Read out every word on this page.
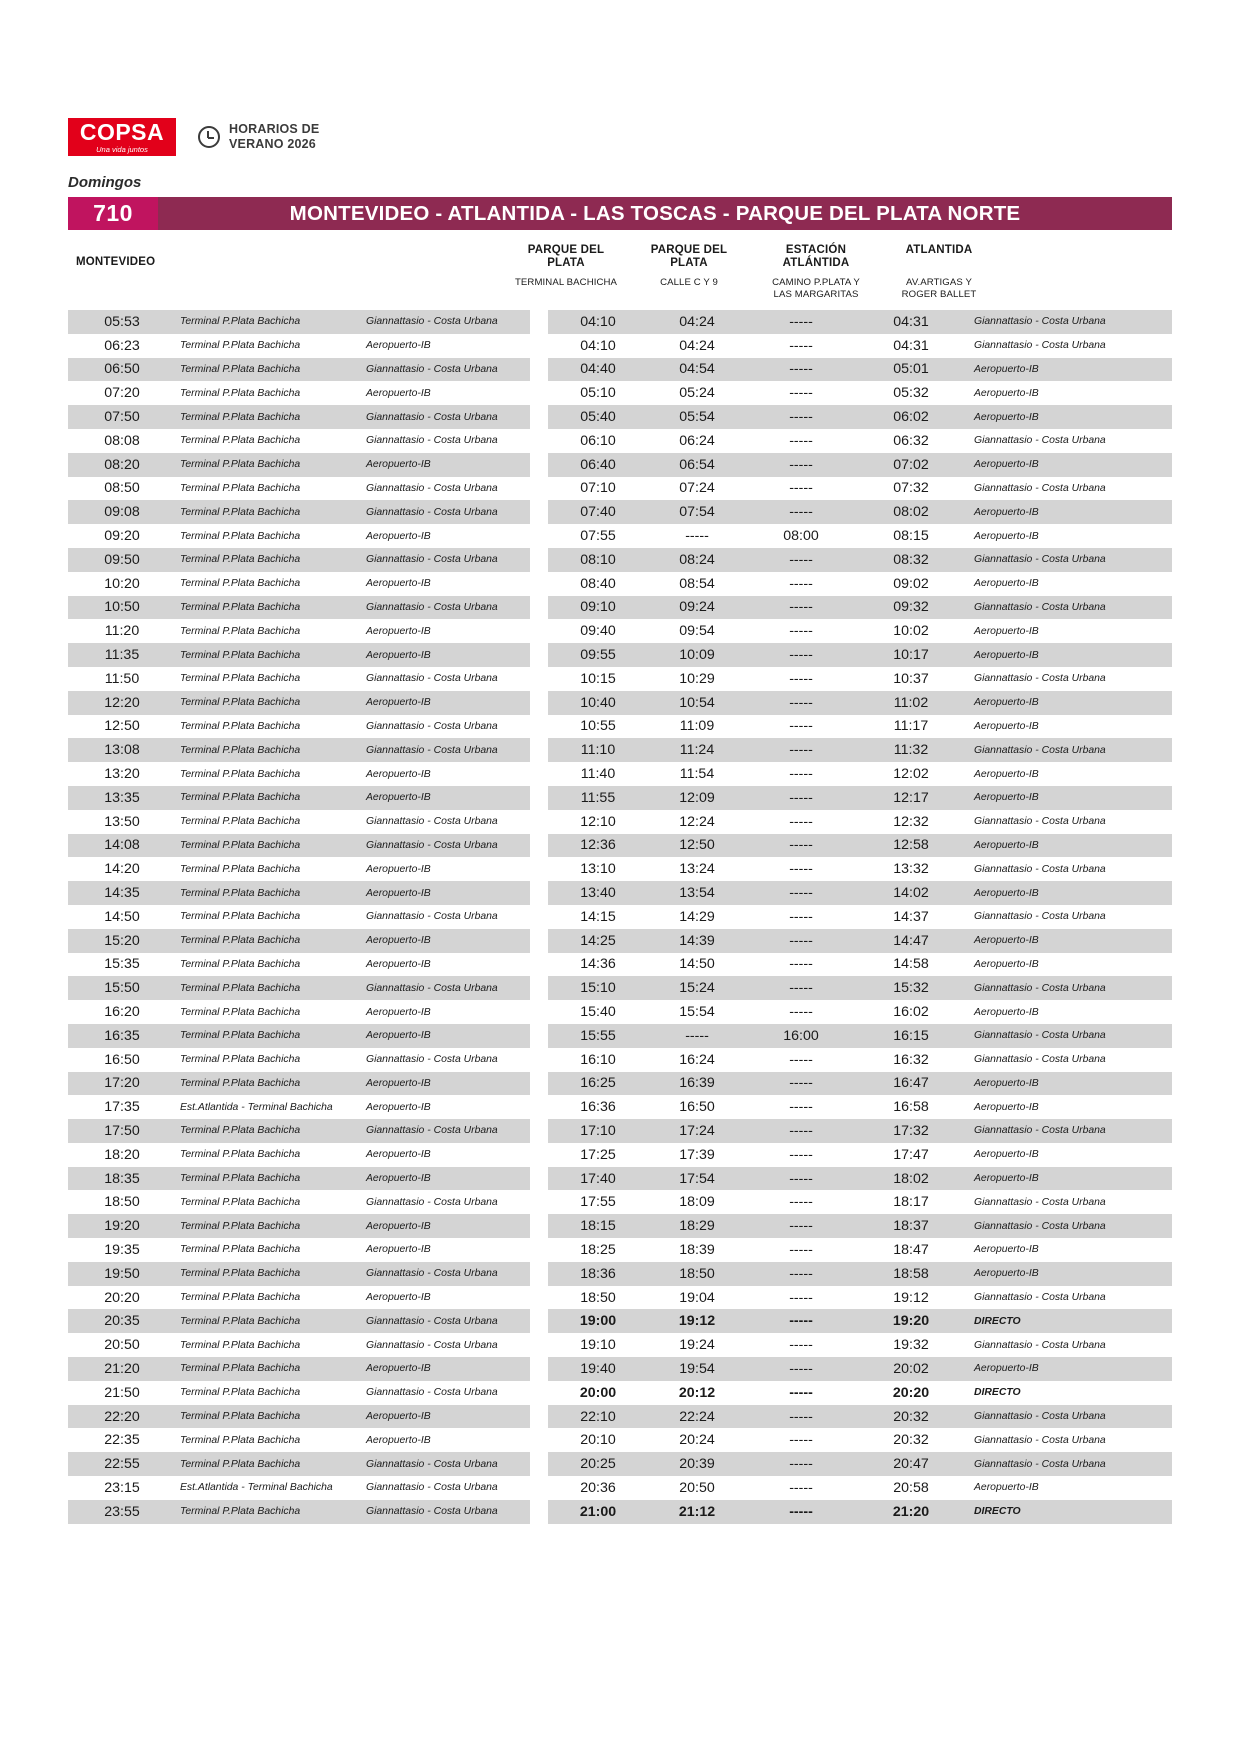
COPSA
Una vida juntos
HORARIOS DE
VERANO 2026
Domingos
710	MONTEVIDEO - ATLANTIDA - LAS TOSCAS - PARQUE DEL PLATA NORTE
MONTEVIDEO
PARQUE DEL
PLATA
TERMINAL BACHICHA
PARQUE DEL
PLATA
CALLE C Y 9
ESTACIÓN
ATLÁNTIDA
CAMINO P.PLATA Y
LAS MARGARITAS
ATLANTIDA
AV.ARTIGAS Y
ROGER BALLET
05:53	Terminal P.Plata Bachicha	Giannattasio - Costa Urbana
06:23	Terminal P.Plata Bachicha	Aeropuerto-IB
06:50	Terminal P.Plata Bachicha	Giannattasio - Costa Urbana
07:20	Terminal P.Plata Bachicha	Aeropuerto-IB
07:50	Terminal P.Plata Bachicha	Giannattasio - Costa Urbana
08:08	Terminal P.Plata Bachicha	Giannattasio - Costa Urbana
08:20	Terminal P.Plata Bachicha	Aeropuerto-IB
08:50	Terminal P.Plata Bachicha	Giannattasio - Costa Urbana
09:08	Terminal P.Plata Bachicha	Giannattasio - Costa Urbana
09:20	Terminal P.Plata Bachicha	Aeropuerto-IB
09:50	Terminal P.Plata Bachicha	Giannattasio - Costa Urbana
10:20	Terminal P.Plata Bachicha	Aeropuerto-IB
10:50	Terminal P.Plata Bachicha	Giannattasio - Costa Urbana
11:20	Terminal P.Plata Bachicha	Aeropuerto-IB
11:35	Terminal P.Plata Bachicha	Aeropuerto-IB
11:50	Terminal P.Plata Bachicha	Giannattasio - Costa Urbana
12:20	Terminal P.Plata Bachicha	Aeropuerto-IB
12:50	Terminal P.Plata Bachicha	Giannattasio - Costa Urbana
13:08	Terminal P.Plata Bachicha	Giannattasio - Costa Urbana
13:20	Terminal P.Plata Bachicha	Aeropuerto-IB
13:35	Terminal P.Plata Bachicha	Aeropuerto-IB
13:50	Terminal P.Plata Bachicha	Giannattasio - Costa Urbana
14:08	Terminal P.Plata Bachicha	Giannattasio - Costa Urbana
14:20	Terminal P.Plata Bachicha	Aeropuerto-IB
14:35	Terminal P.Plata Bachicha	Aeropuerto-IB
14:50	Terminal P.Plata Bachicha	Giannattasio - Costa Urbana
15:20	Terminal P.Plata Bachicha	Aeropuerto-IB
15:35	Terminal P.Plata Bachicha	Aeropuerto-IB
15:50	Terminal P.Plata Bachicha	Giannattasio - Costa Urbana
16:20	Terminal P.Plata Bachicha	Aeropuerto-IB
16:35	Terminal P.Plata Bachicha	Aeropuerto-IB
16:50	Terminal P.Plata Bachicha	Giannattasio - Costa Urbana
17:20	Terminal P.Plata Bachicha	Aeropuerto-IB
17:35	Est.Atlantida - Terminal Bachicha	Aeropuerto-IB
17:50	Terminal P.Plata Bachicha	Giannattasio - Costa Urbana
18:20	Terminal P.Plata Bachicha	Aeropuerto-IB
18:35	Terminal P.Plata Bachicha	Aeropuerto-IB
18:50	Terminal P.Plata Bachicha	Giannattasio - Costa Urbana
19:20	Terminal P.Plata Bachicha	Aeropuerto-IB
19:35	Terminal P.Plata Bachicha	Aeropuerto-IB
19:50	Terminal P.Plata Bachicha	Giannattasio - Costa Urbana
20:20	Terminal P.Plata Bachicha	Aeropuerto-IB
20:35	Terminal P.Plata Bachicha	Giannattasio - Costa Urbana
20:50	Terminal P.Plata Bachicha	Giannattasio - Costa Urbana
21:20	Terminal P.Plata Bachicha	Aeropuerto-IB
21:50	Terminal P.Plata Bachicha	Giannattasio - Costa Urbana
22:20	Terminal P.Plata Bachicha	Aeropuerto-IB
22:35	Terminal P.Plata Bachicha	Aeropuerto-IB
22:55	Terminal P.Plata Bachicha	Giannattasio - Costa Urbana
23:15	Est.Atlantida - Terminal Bachicha	Giannattasio - Costa Urbana
23:55	Terminal P.Plata Bachicha	Giannattasio - Costa Urbana
04:10	04:24	-----	04:31	Giannattasio - Costa Urbana
04:10	04:24	-----	04:31	Giannattasio - Costa Urbana
04:40	04:54	-----	05:01	Aeropuerto-IB
05:10	05:24	-----	05:32	Aeropuerto-IB
05:40	05:54	-----	06:02	Aeropuerto-IB
06:10	06:24	-----	06:32	Giannattasio - Costa Urbana
06:40	06:54	-----	07:02	Aeropuerto-IB
07:10	07:24	-----	07:32	Giannattasio - Costa Urbana
07:40	07:54	-----	08:02	Aeropuerto-IB
07:55	-----	08:00	08:15	Aeropuerto-IB
08:10	08:24	-----	08:32	Giannattasio - Costa Urbana
08:40	08:54	-----	09:02	Aeropuerto-IB
09:10	09:24	-----	09:32	Giannattasio - Costa Urbana
09:40	09:54	-----	10:02	Aeropuerto-IB
09:55	10:09	-----	10:17	Aeropuerto-IB
10:15	10:29	-----	10:37	Giannattasio - Costa Urbana
10:40	10:54	-----	11:02	Aeropuerto-IB
10:55	11:09	-----	11:17	Aeropuerto-IB
11:10	11:24	-----	11:32	Giannattasio - Costa Urbana
11:40	11:54	-----	12:02	Aeropuerto-IB
11:55	12:09	-----	12:17	Aeropuerto-IB
12:10	12:24	-----	12:32	Giannattasio - Costa Urbana
12:36	12:50	-----	12:58	Aeropuerto-IB
13:10	13:24	-----	13:32	Giannattasio - Costa Urbana
13:40	13:54	-----	14:02	Aeropuerto-IB
14:15	14:29	-----	14:37	Giannattasio - Costa Urbana
14:25	14:39	-----	14:47	Aeropuerto-IB
14:36	14:50	-----	14:58	Aeropuerto-IB
15:10	15:24	-----	15:32	Giannattasio - Costa Urbana
15:40	15:54	-----	16:02	Aeropuerto-IB
15:55	-----	16:00	16:15	Giannattasio - Costa Urbana
16:10	16:24	-----	16:32	Giannattasio - Costa Urbana
16:25	16:39	-----	16:47	Aeropuerto-IB
16:36	16:50	-----	16:58	Aeropuerto-IB
17:10	17:24	-----	17:32	Giannattasio - Costa Urbana
17:25	17:39	-----	17:47	Aeropuerto-IB
17:40	17:54	-----	18:02	Aeropuerto-IB
17:55	18:09	-----	18:17	Giannattasio - Costa Urbana
18:15	18:29	-----	18:37	Giannattasio - Costa Urbana
18:25	18:39	-----	18:47	Aeropuerto-IB
18:36	18:50	-----	18:58	Aeropuerto-IB
18:50	19:04	-----	19:12	Giannattasio - Costa Urbana
19:00	19:12	-----	19:20	DIRECTO
19:10	19:24	-----	19:32	Giannattasio - Costa Urbana
19:40	19:54	-----	20:02	Aeropuerto-IB
20:00	20:12	-----	20:20	DIRECTO
22:10	22:24	-----	20:32	Giannattasio - Costa Urbana
20:10	20:24	-----	20:32	Giannattasio - Costa Urbana
20:25	20:39	-----	20:47	Giannattasio - Costa Urbana
20:36	20:50	-----	20:58	Aeropuerto-IB
21:00	21:12	-----	21:20	DIRECTO
